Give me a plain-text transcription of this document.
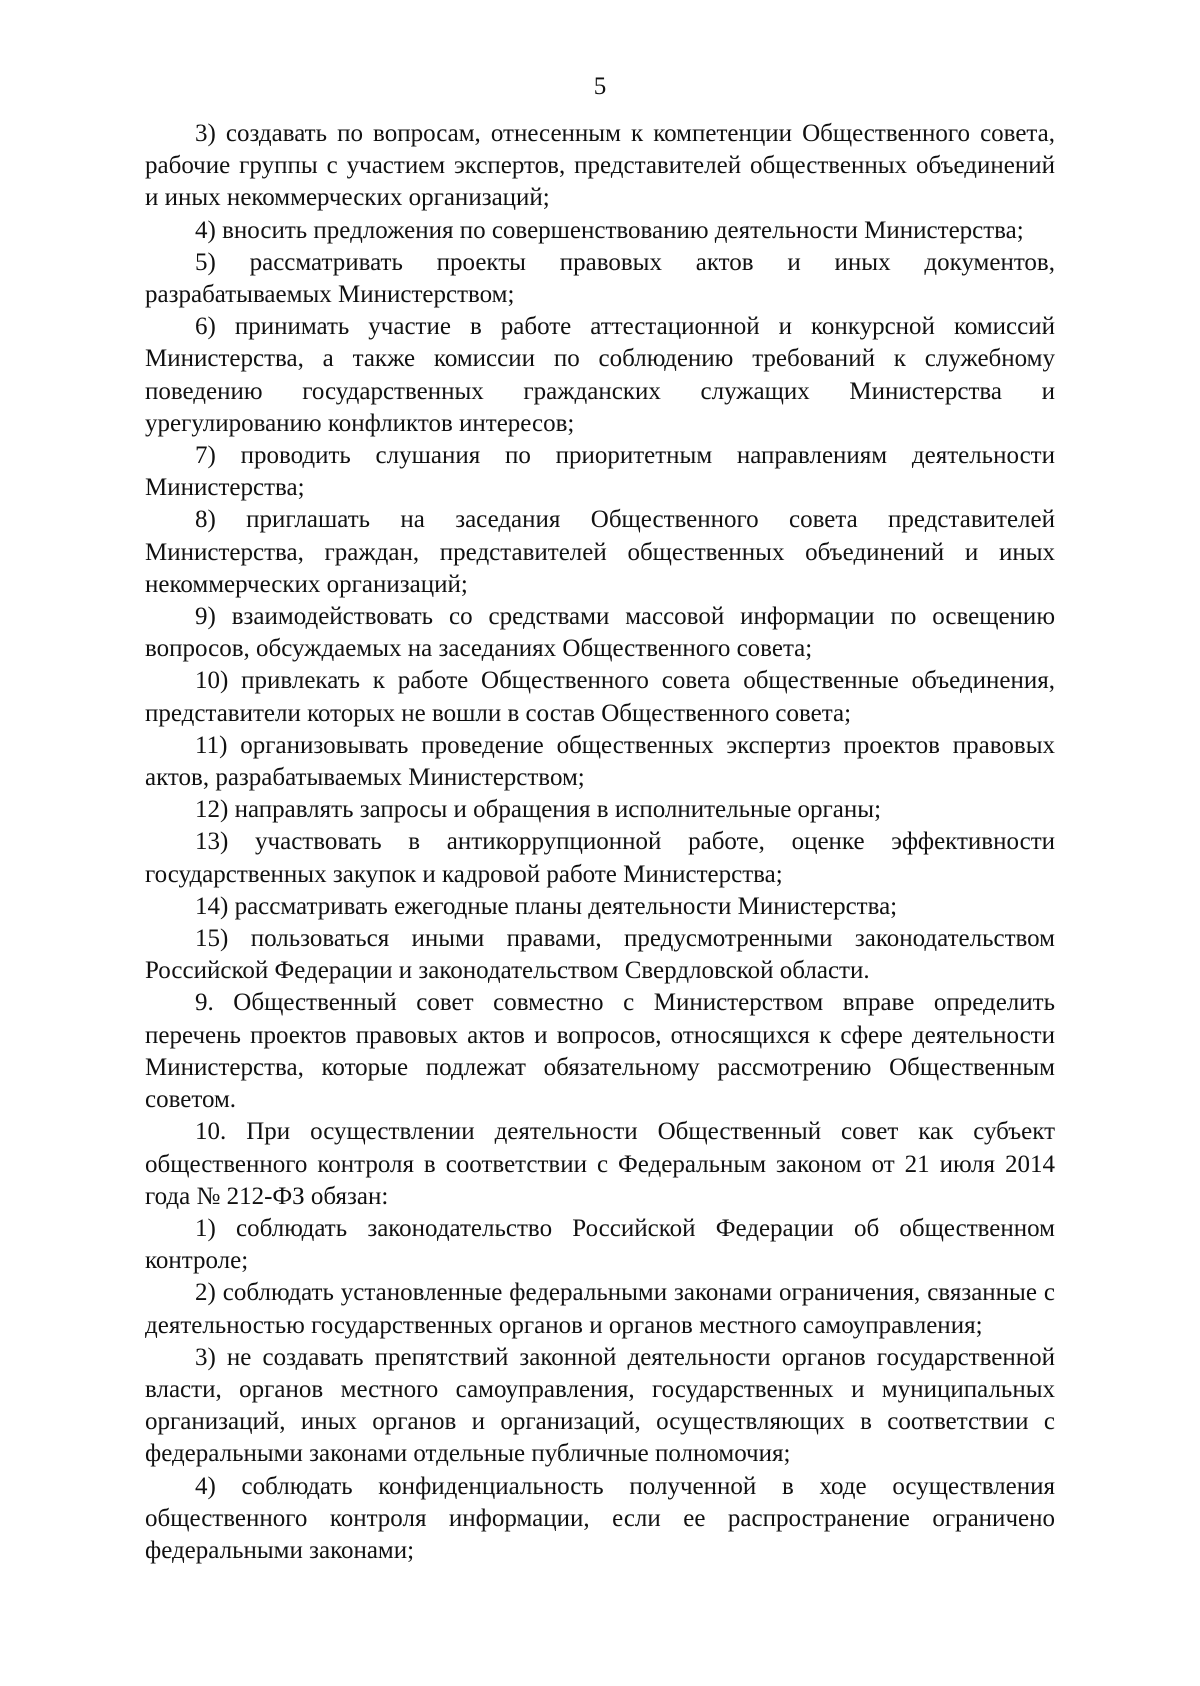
5

3) создавать по вопросам, отнесенным к компетенции Общественного совета, рабочие группы с участием экспертов, представителей общественных объединений и иных некоммерческих организаций;

4) вносить предложения по совершенствованию деятельности Министерства;

5) рассматривать проекты правовых актов и иных документов, разрабатываемых Министерством;

6) принимать участие в работе аттестационной и конкурсной комиссий Министерства, а также комиссии по соблюдению требований к служебному поведению государственных гражданских служащих Министерства и урегулированию конфликтов интересов;

7) проводить слушания по приоритетным направлениям деятельности Министерства;

8) приглашать на заседания Общественного совета представителей Министерства, граждан, представителей общественных объединений и иных некоммерческих организаций;

9) взаимодействовать со средствами массовой информации по освещению вопросов, обсуждаемых на заседаниях Общественного совета;

10) привлекать к работе Общественного совета общественные объединения, представители которых не вошли в состав Общественного совета;

11) организовывать проведение общественных экспертиз проектов правовых актов, разрабатываемых Министерством;

12) направлять запросы и обращения в исполнительные органы;

13) участвовать в антикоррупционной работе, оценке эффективности государственных закупок и кадровой работе Министерства;

14) рассматривать ежегодные планы деятельности Министерства;

15) пользоваться иными правами, предусмотренными законодательством Российской Федерации и законодательством Свердловской области.

9. Общественный совет совместно с Министерством вправе определить перечень проектов правовых актов и вопросов, относящихся к сфере деятельности Министерства, которые подлежат обязательному рассмотрению Общественным советом.

10. При осуществлении деятельности Общественный совет как субъект общественного контроля в соответствии с Федеральным законом от 21 июля 2014 года № 212-ФЗ обязан:

1) соблюдать законодательство Российской Федерации об общественном контроле;

2) соблюдать установленные федеральными законами ограничения, связанные с деятельностью государственных органов и органов местного самоуправления;

3) не создавать препятствий законной деятельности органов государственной власти, органов местного самоуправления, государственных и муниципальных организаций, иных органов и организаций, осуществляющих в соответствии с федеральными законами отдельные публичные полномочия;

4) соблюдать конфиденциальность полученной в ходе осуществления общественного контроля информации, если ее распространение ограничено федеральными законами;
